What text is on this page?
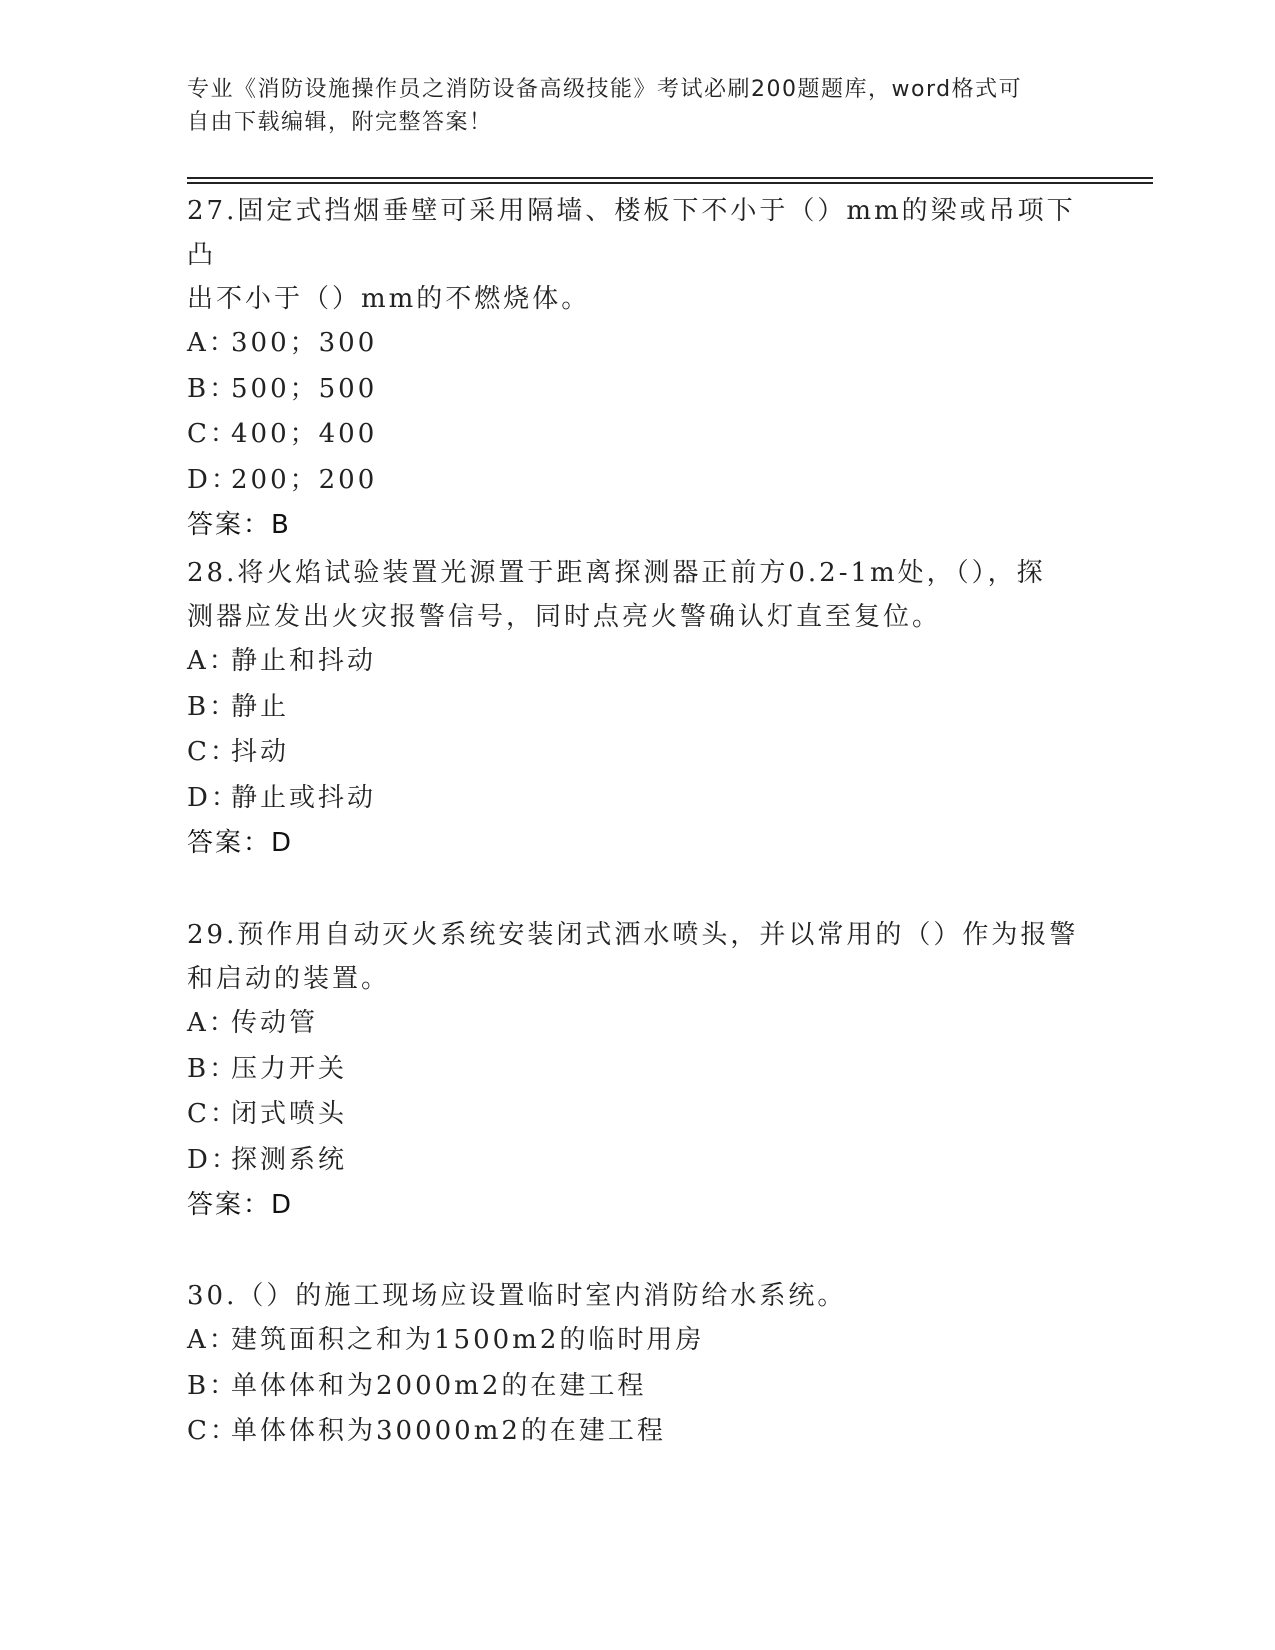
专业《消防设施操作员之消防设备高级技能》考试必刷200题题库，word格式可
自由下载编辑，附完整答案！

27.固定式挡烟垂壁可采用隔墙、楼板下不小于（）mm的梁或吊项下凸

出不小于（）mm的不燃烧体。

A：300；300
B：500；500
C：400；400
D：200；200
答案：B

28.将火焰试验装置光源置于距离探测器正前方0.2-1m处，（），探

测器应发出火灾报警信号，同时点亮火警确认灯直至复位。

A：静止和抖动
B：静止
C：抖动
D：静止或抖动
答案：D

29.预作用自动灭火系统安装闭式洒水喷头，并以常用的（）作为报警

和启动的装置。

A：传动管
B：压力开关
C：闭式喷头
D：探测系统
答案：D

30.（）的施工现场应设置临时室内消防给水系统。

A：建筑面积之和为1500m2的临时用房
B：单体体和为2000m2的在建工程
C：单体体积为30000m2的在建工程
